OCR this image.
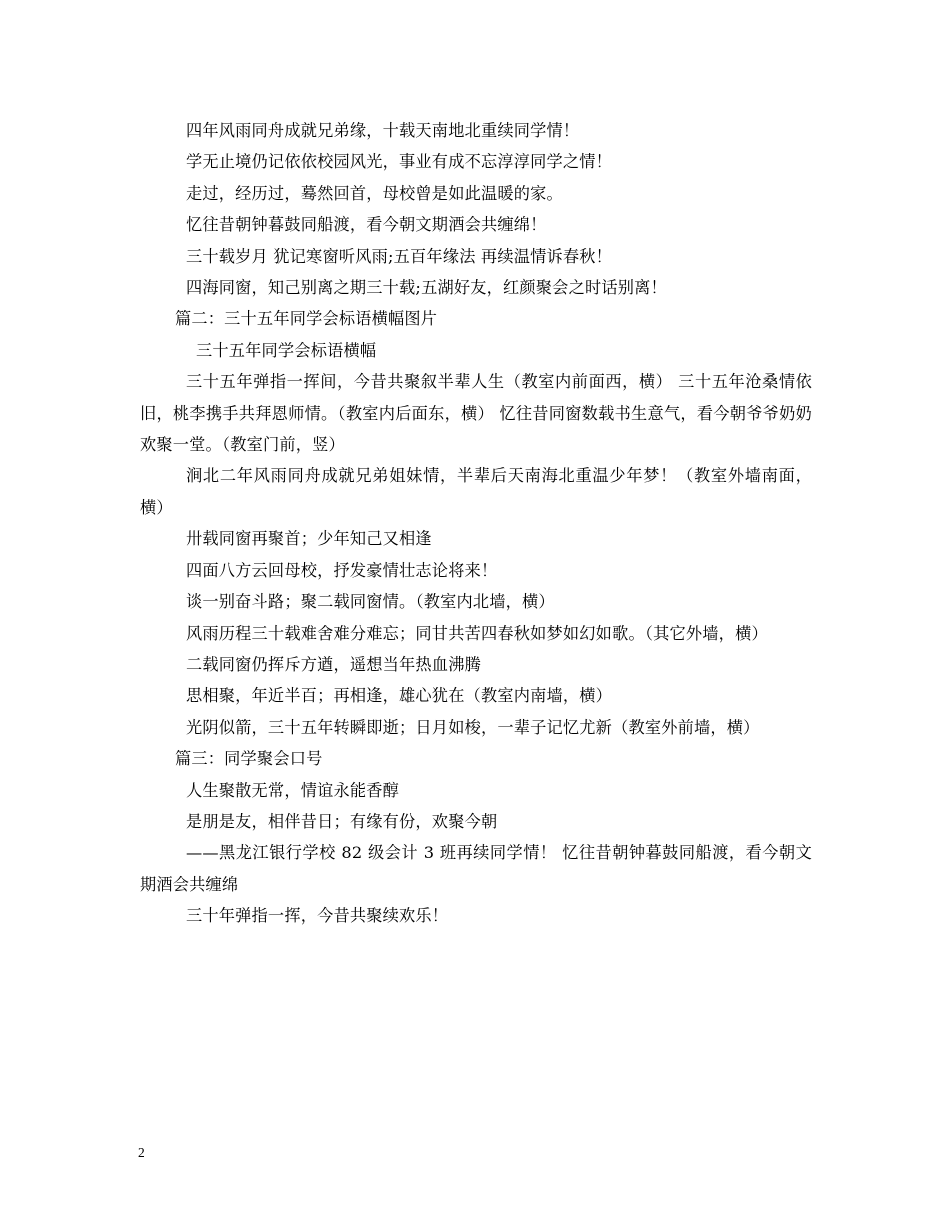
四年风雨同舟成就兄弟缘，十载天南地北重续同学情！

学无止境仍记依依校园风光，事业有成不忘淳淳同学之情！

走过，经历过，蓦然回首，母校曾是如此温暖的家。

忆往昔朝钟暮鼓同船渡，看今朝文期酒会共缠绵！

三十载岁月 犹记寒窗听风雨;五百年缘法 再续温情诉春秋！

四海同窗，知己别离之期三十载;五湖好友，红颜聚会之时话别离！

篇二：三十五年同学会标语横幅图片

三十五年同学会标语横幅

三十五年弹指一挥间，今昔共聚叙半辈人生（教室内前面西，横） 三十五年沧桑情依旧，桃李携手共拜恩师情。（教室内后面东，横） 忆往昔同窗数载书生意气，看今朝爷爷奶奶欢聚一堂。（教室门前，竖）

涧北二年风雨同舟成就兄弟姐妹情，半辈后天南海北重温少年梦！（教室外墙南面，横）

卅载同窗再聚首；少年知己又相逢

四面八方云回母校，抒发豪情壮志论将来！

谈一别奋斗路；聚二载同窗情。（教室内北墙，横）

风雨历程三十载难舍难分难忘；同甘共苦四春秋如梦如幻如歌。（其它外墙，横）

二载同窗仍挥斥方遒，遥想当年热血沸腾

思相聚，年近半百；再相逢，雄心犹在（教室内南墙，横）

光阴似箭，三十五年转瞬即逝；日月如梭，一辈子记忆尤新（教室外前墙，横）

篇三：同学聚会口号

人生聚散无常，情谊永能香醇

是朋是友，相伴昔日；有缘有份，欢聚今朝

——黑龙江银行学校 82 级会计 3 班再续同学情！ 忆往昔朝钟暮鼓同船渡，看今朝文期酒会共缠绵

三十年弹指一挥，今昔共聚续欢乐！

2
